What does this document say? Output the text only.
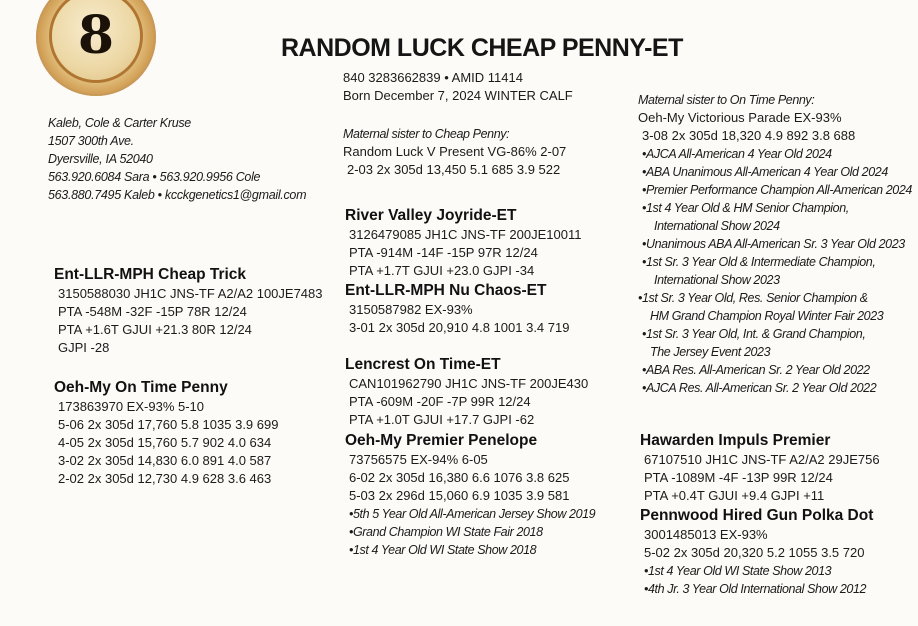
8	RANDOM LUCK CHEAP PENNY-ET
840 3283662839 • AMID 11414
Born December 7, 2024 WINTER CALF
Kaleb, Cole & Carter Kruse
1507 300th Ave.
Dyersville, IA 52040
563.920.6084 Sara • 563.920.9956 Cole
563.880.7495 Kaleb • kcckgenetics1@gmail.com
Maternal sister to Cheap Penny:
Random Luck V Present VG-86% 2-07
2-03 2x 305d 13,450 5.1 685 3.9 522
Maternal sister to On Time Penny:
Oeh-My Victorious Parade EX-93%
3-08 2x 305d 18,320 4.9 892 3.8 688
•AJCA All-American 4 Year Old 2024
•ABA Unanimous All-American 4 Year Old 2024
•Premier Performance Champion All-American 2024
•1st 4 Year Old & HM Senior Champion,
International Show 2024
•Unanimous ABA All-American Sr. 3 Year Old 2023
•1st Sr. 3 Year Old & Intermediate Champion,
International Show 2023
•1st Sr. 3 Year Old, Res. Senior Champion &
HM Grand Champion Royal Winter Fair 2023
•1st Sr. 3 Year Old, Int. & Grand Champion,
The Jersey Event 2023
•ABA Res. All-American Sr. 2 Year Old 2022
•AJCA Res. All-American Sr. 2 Year Old 2022
Ent-LLR-MPH Cheap Trick
3150588030 JH1C JNS-TF A2/A2 100JE7483
PTA -548M -32F -15P 78R 12/24
PTA +1.6T GJUI +21.3 80R 12/24
GJPI -28
Oeh-My On Time Penny
173863970 EX-93% 5-10
5-06 2x 305d 17,760 5.8 1035 3.9 699
4-05 2x 305d 15,760 5.7 902 4.0 634
3-02 2x 305d 14,830 6.0 891 4.0 587
2-02 2x 305d 12,730 4.9 628 3.6 463
River Valley Joyride-ET
3126479085 JH1C JNS-TF 200JE10011
PTA -914M -14F -15P 97R 12/24
PTA +1.7T GJUI +23.0 GJPI -34
Ent-LLR-MPH Nu Chaos-ET
3150587982 EX-93%
3-01 2x 305d 20,910 4.8 1001 3.4 719
Lencrest On Time-ET
CAN101962790 JH1C JNS-TF 200JE430
PTA -609M -20F -7P 99R 12/24
PTA +1.0T GJUI +17.7 GJPI -62
Oeh-My Premier Penelope
73756575 EX-94% 6-05
6-02 2x 305d 16,380 6.6 1076 3.8 625
5-03 2x 296d 15,060 6.9 1035 3.9 581
•5th 5 Year Old All-American Jersey Show 2019
•Grand Champion WI State Fair 2018
•1st 4 Year Old WI State Show 2018
Hawarden Impuls Premier
67107510 JH1C JNS-TF A2/A2 29JE756
PTA -1089M -4F -13P 99R 12/24
PTA +0.4T GJUI +9.4 GJPI +11
Pennwood Hired Gun Polka Dot
3001485013 EX-93%
5-02 2x 305d 20,320 5.2 1055 3.5 720
•1st 4 Year Old WI State Show 2013
•4th Jr. 3 Year Old International Show 2012
